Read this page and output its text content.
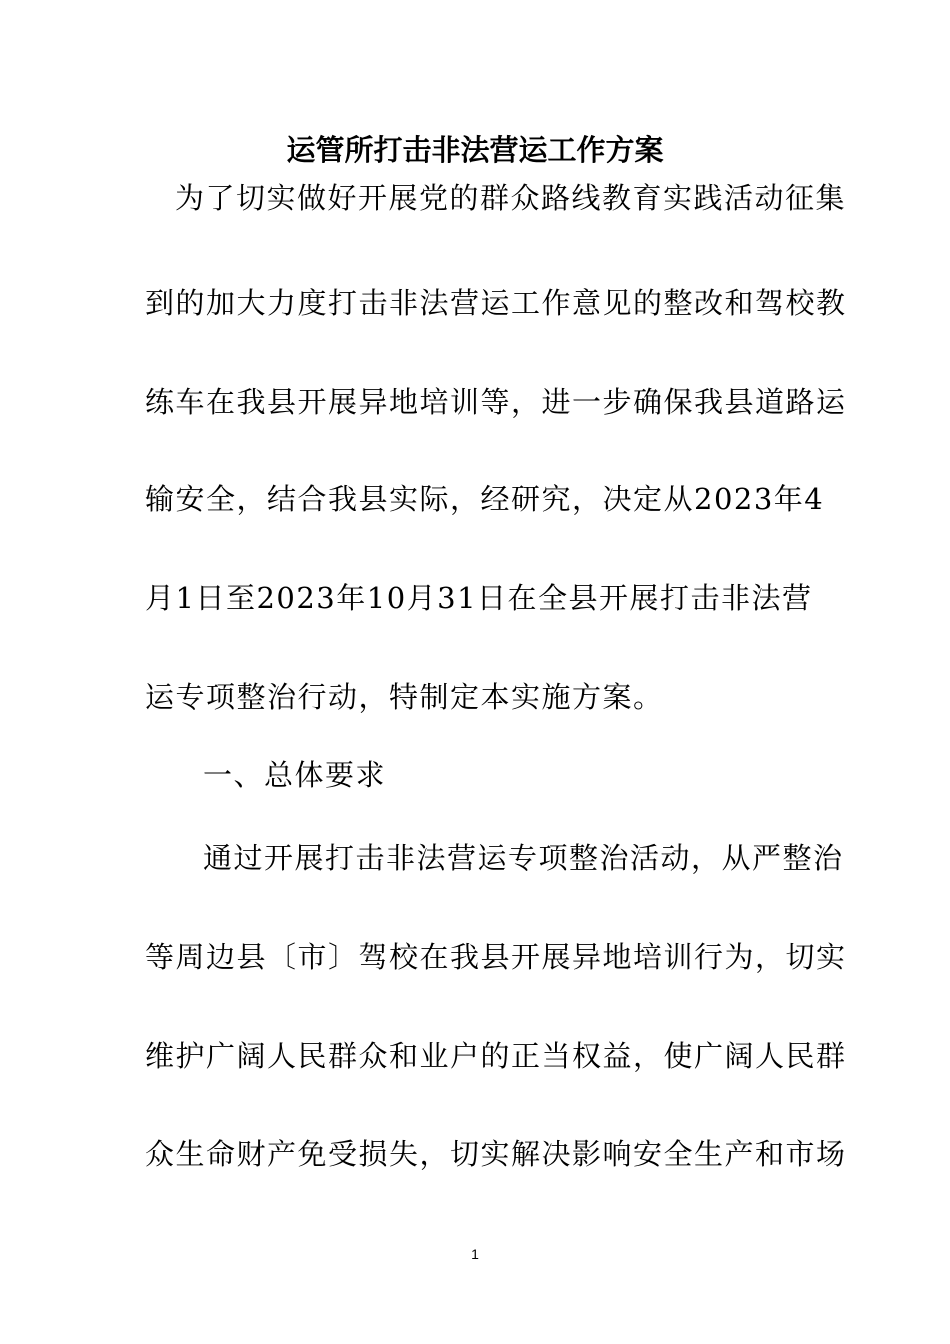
运管所打击非法营运工作方案
为了切实做好开展党的群众路线教育实践活动征集
到的加大力度打击非法营运工作意见的整改和驾校教
练车在我县开展异地培训等，进一步确保我县道路运
输安全，结合我县实际，经研究，决定从2023年4
月1日至2023年10月31日在全县开展打击非法营
运专项整治行动，特制定本实施方案。
一、总体要求
通过开展打击非法营运专项整治活动，从严整治
等周边县〔市〕驾校在我县开展异地培训行为，切实
维护广阔人民群众和业户的正当权益，使广阔人民群
众生命财产免受损失，切实解决影响安全生产和市场
1
